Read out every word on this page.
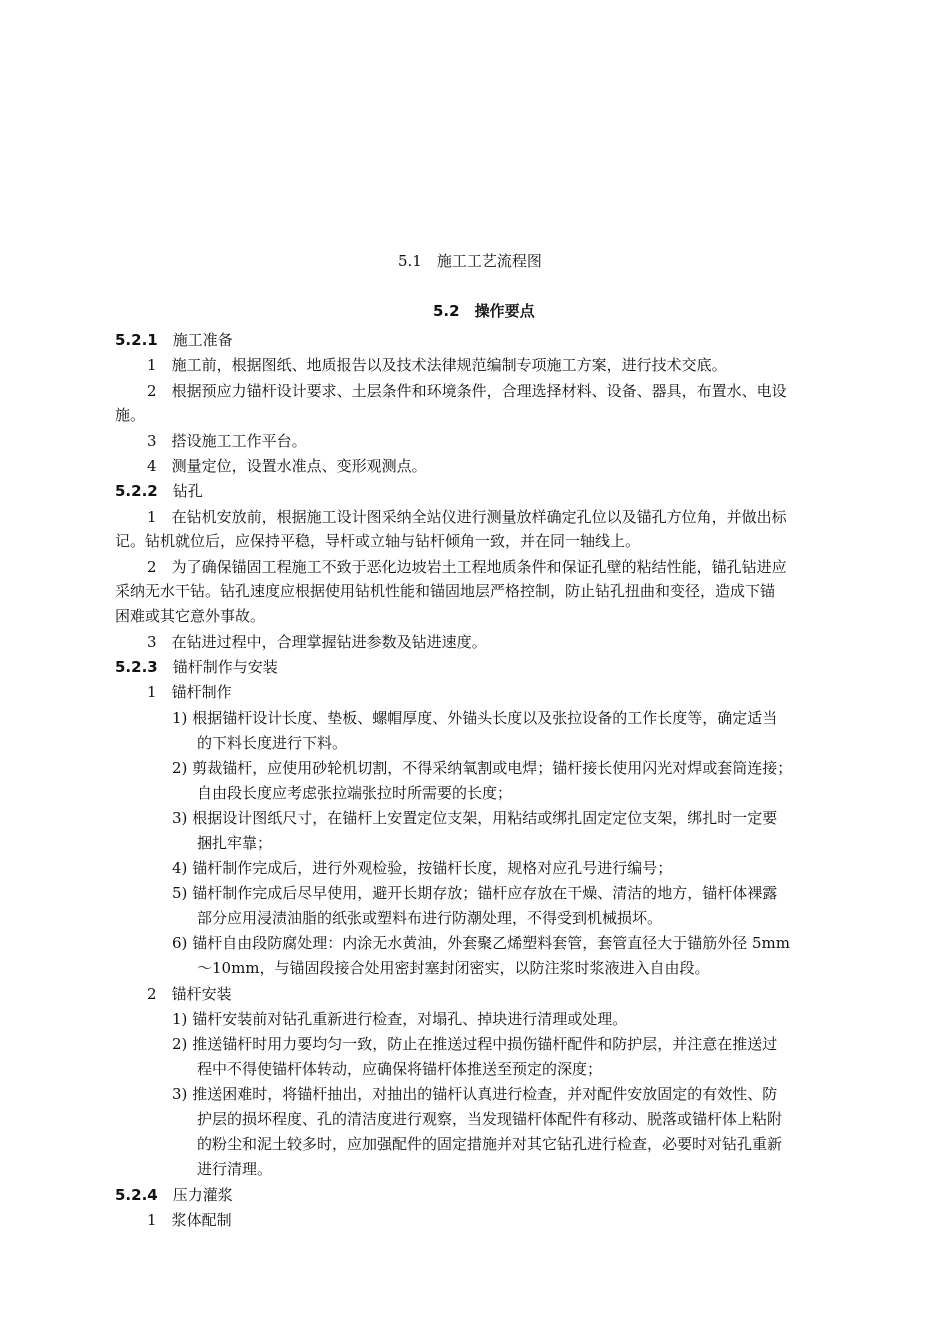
5.1　施工工艺流程图
5.2　操作要点
5.2.1　 施工准备
1　 施工前，根据图纸、地质报告以及技术法律规范编制专项施工方案，进行技术交底。
2　 根据预应力锚杆设计要求、土层条件和环境条件，合理选择材料、设备、器具，布置水、电设
施。
3　 搭设施工工作平台。
4　 测量定位，设置水准点、变形观测点。
5.2.2　 钻孔
1　 在钻机安放前，根据施工设计图采纳全站仪进行测量放样确定孔位以及锚孔方位角，并做出标
记。钻机就位后，应保持平稳，导杆或立轴与钻杆倾角一致，并在同一轴线上。
2　 为了确保锚固工程施工不致于恶化边坡岩土工程地质条件和保证孔壁的粘结性能，锚孔钻进应
采纳无水干钻。钻孔速度应根据使用钻机性能和锚固地层严格控制，防止钻孔扭曲和变径，造成下锚
困难或其它意外事故。
3　 在钻进过程中，合理掌握钻进参数及钻进速度。
5.2.3　 锚杆制作与安装
1　 锚杆制作
1) 根据锚杆设计长度、垫板、螺帽厚度、外锚头长度以及张拉设备的工作长度等，确定适当
的下料长度进行下料。
2) 剪裁锚杆，应使用砂轮机切割，不得采纳氧割或电焊；锚杆接长使用闪光对焊或套筒连接；
自由段长度应考虑张拉端张拉时所需要的长度；
3) 根据设计图纸尺寸，在锚杆上安置定位支架，用粘结或绑扎固定定位支架，绑扎时一定要
捆扎牢靠；
4) 锚杆制作完成后，进行外观检验，按锚杆长度，规格对应孔号进行编号；
5) 锚杆制作完成后尽早使用，避开长期存放；锚杆应存放在干燥、清洁的地方，锚杆体裸露
部分应用浸渍油脂的纸张或塑料布进行防潮处理，不得受到机械损坏。
6) 锚杆自由段防腐处理：内涂无水黄油，外套聚乙烯塑料套管，套管直径大于锚筋外径 5mm
～10mm，与锚固段接合处用密封塞封闭密实，以防注浆时浆液进入自由段。
2　 锚杆安装
1) 锚杆安装前对钻孔重新进行检查，对塌孔、掉块进行清理或处理。
2) 推送锚杆时用力要均匀一致，防止在推送过程中损伤锚杆配件和防护层，并注意在推送过
程中不得使锚杆体转动，应确保将锚杆体推送至预定的深度；
3) 推送困难时，将锚杆抽出，对抽出的锚杆认真进行检查，并对配件安放固定的有效性、防
护层的损坏程度、孔的清洁度进行观察，当发现锚杆体配件有移动、脱落或锚杆体上粘附
的粉尘和泥土较多时，应加强配件的固定措施并对其它钻孔进行检查，必要时对钻孔重新
进行清理。
5.2.4　 压力灌浆
1　 浆体配制
